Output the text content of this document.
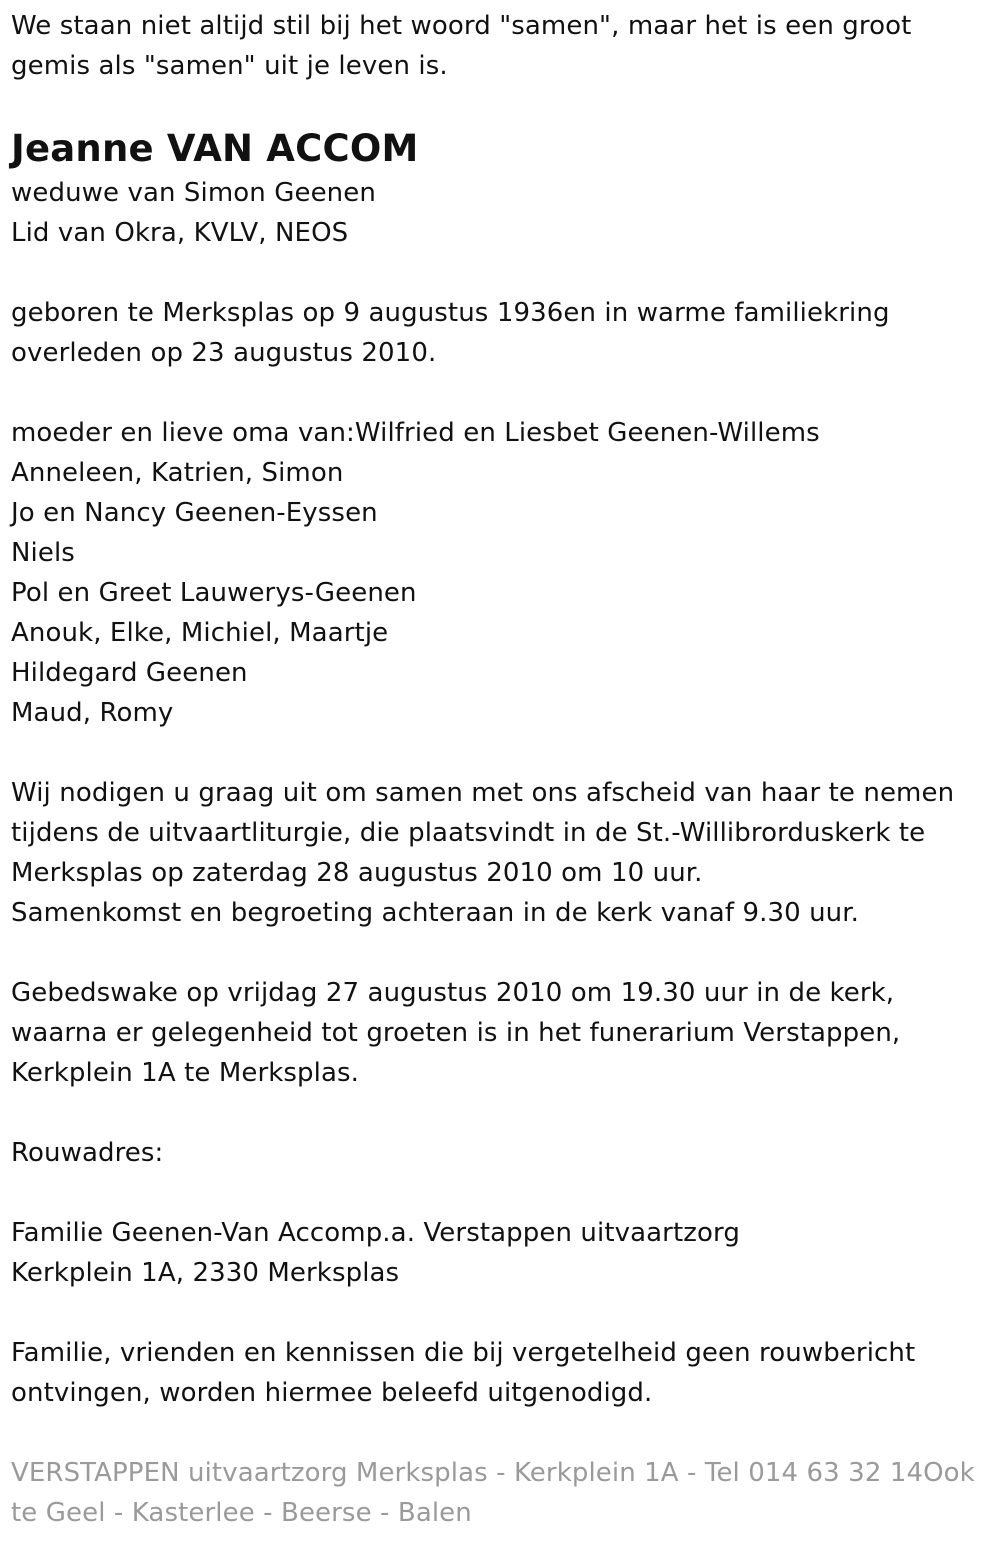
We staan niet altijd stil bij het woord "samen", maar het is een groot
gemis als "samen" uit je leven is.
Jeanne VAN ACCOM
weduwe van Simon Geenen
Lid van Okra, KVLV, NEOS
geboren te Merksplas op 9 augustus 1936en in warme familiekring
overleden op 23 augustus 2010.
moeder en lieve oma van:Wilfried en Liesbet Geenen-Willems
Anneleen, Katrien, Simon
Jo en Nancy Geenen-Eyssen
Niels
Pol en Greet Lauwerys-Geenen
Anouk, Elke, Michiel, Maartje
Hildegard Geenen
Maud, Romy
Wij nodigen u graag uit om samen met ons afscheid van haar te nemen
tijdens de uitvaartliturgie, die plaatsvindt in de St.-Willibrorduskerk te
Merksplas op zaterdag 28 augustus 2010 om 10 uur.
Samenkomst en begroeting achteraan in de kerk vanaf 9.30 uur.
Gebedswake op vrijdag 27 augustus 2010 om 19.30 uur in de kerk,
waarna er gelegenheid tot groeten is in het funerarium Verstappen,
Kerkplein 1A te Merksplas.
Rouwadres:
Familie Geenen-Van Accomp.a. Verstappen uitvaartzorg
Kerkplein 1A, 2330 Merksplas
Familie, vrienden en kennissen die bij vergetelheid geen rouwbericht
ontvingen, worden hiermee beleefd uitgenodigd.
VERSTAPPEN uitvaartzorg Merksplas - Kerkplein 1A - Tel 014 63 32 14Ook
te Geel - Kasterlee - Beerse - Balen
